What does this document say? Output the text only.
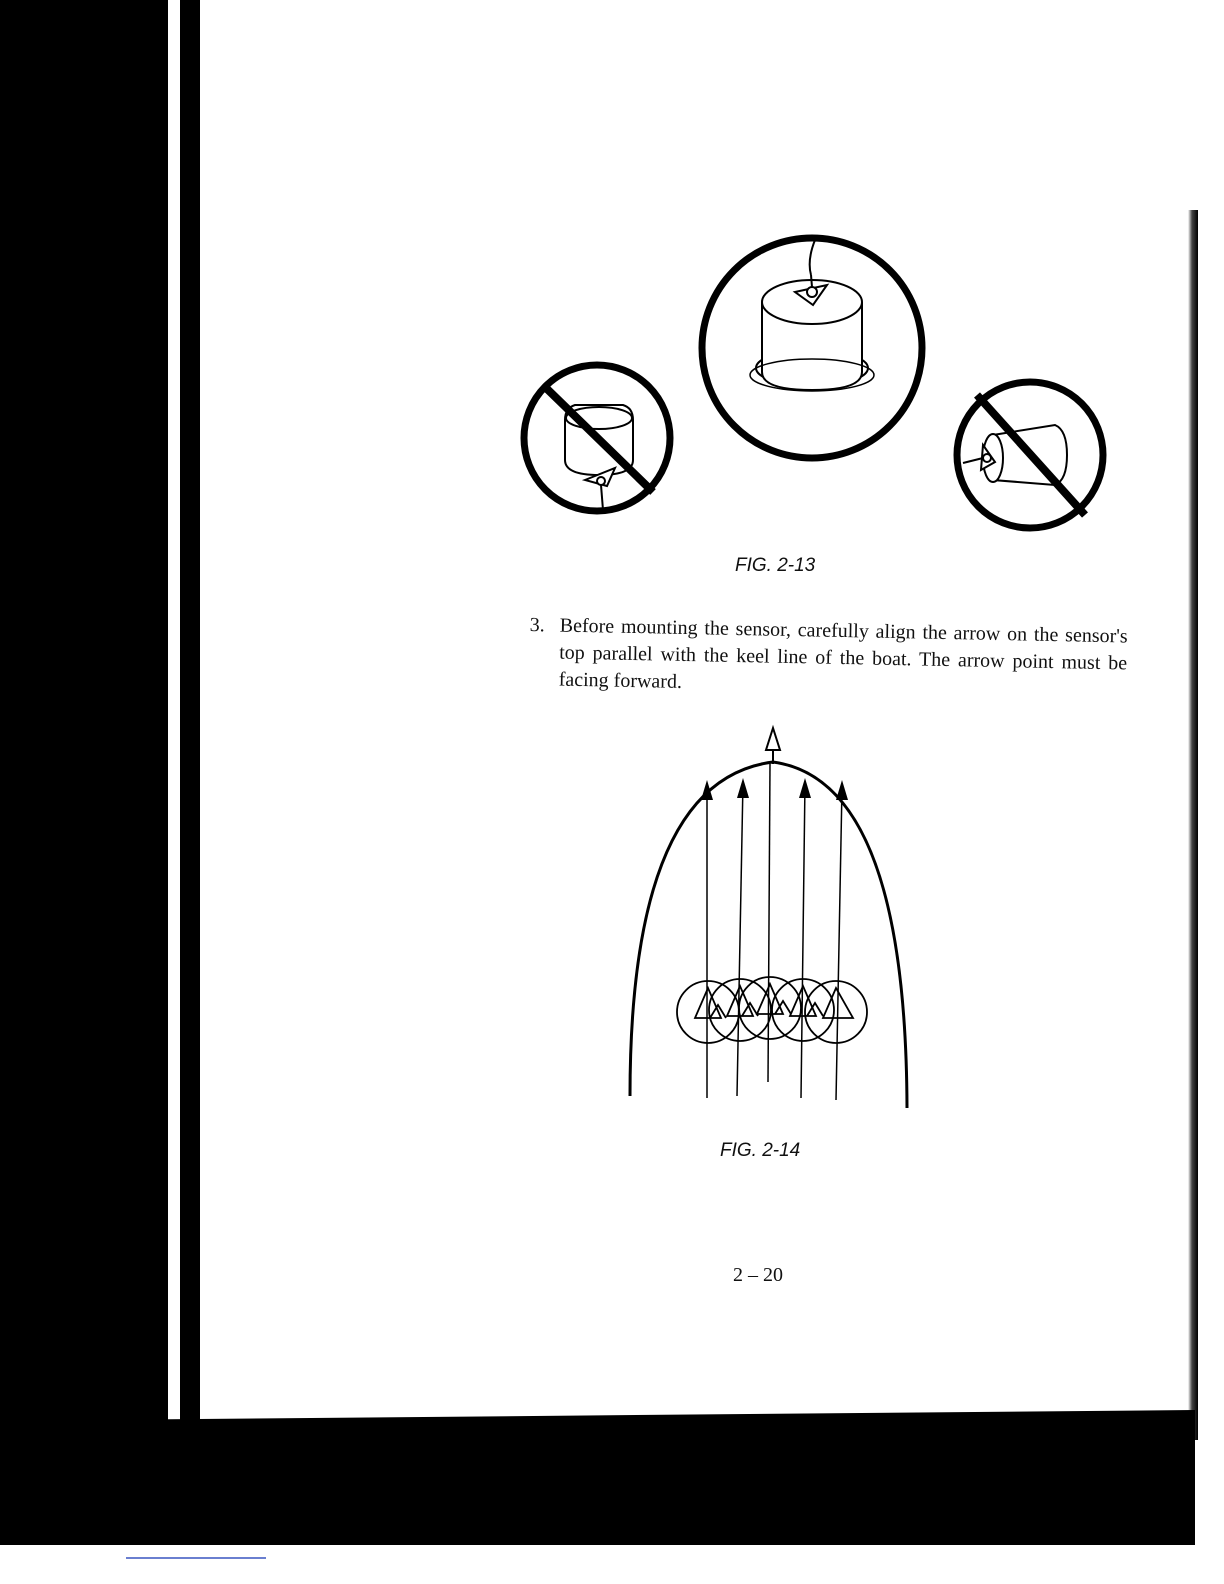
FIG. 2-13
3. Before mounting the sensor, carefully align the arrow on the sensor's top parallel with the keel line of the boat. The arrow point must be facing forward.
FIG. 2-14
2 – 20
